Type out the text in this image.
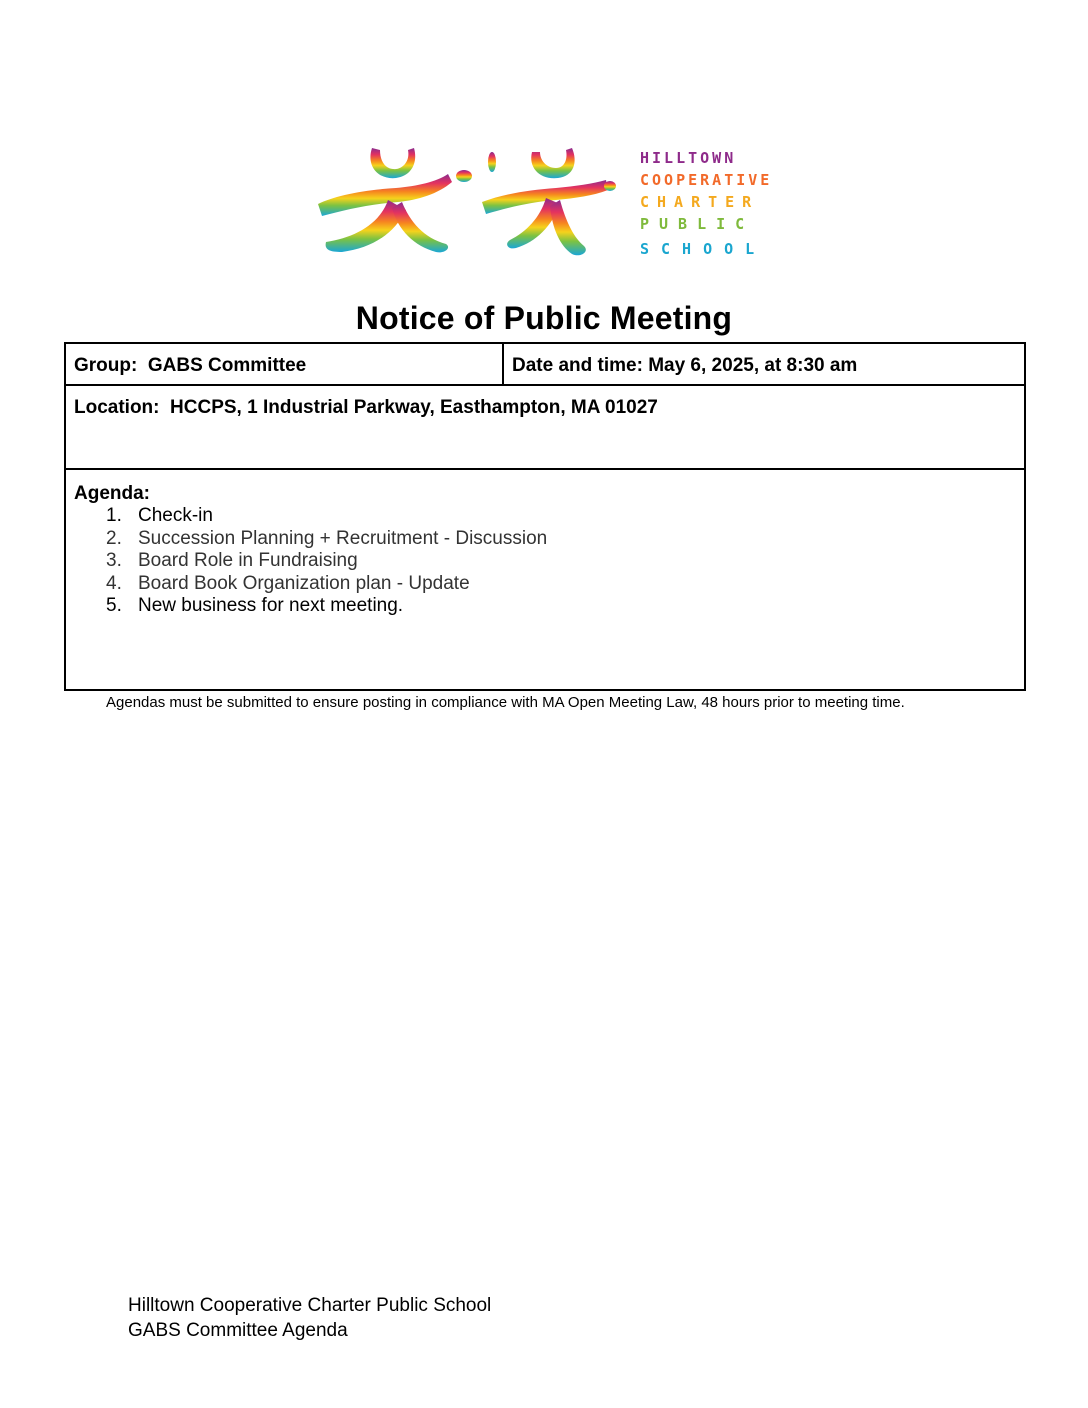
HILLTOWN
COOPERATIVE
CHARTER
PUBLIC
SCHOOL
Notice of Public Meeting
Group:  GABS Committee	Date and time: May 6, 2025, at 8:30 am
Location:  HCCPS, 1 Industrial Parkway, Easthampton, MA 01027
Agenda:
1. Check-in
2. Succession Planning + Recruitment - Discussion
3. Board Role in Fundraising
4. Board Book Organization plan - Update
5. New business for next meeting.
Agendas must be submitted to ensure posting in compliance with MA Open Meeting Law, 48 hours prior to meeting time.
Hilltown Cooperative Charter Public School
GABS Committee Agenda
